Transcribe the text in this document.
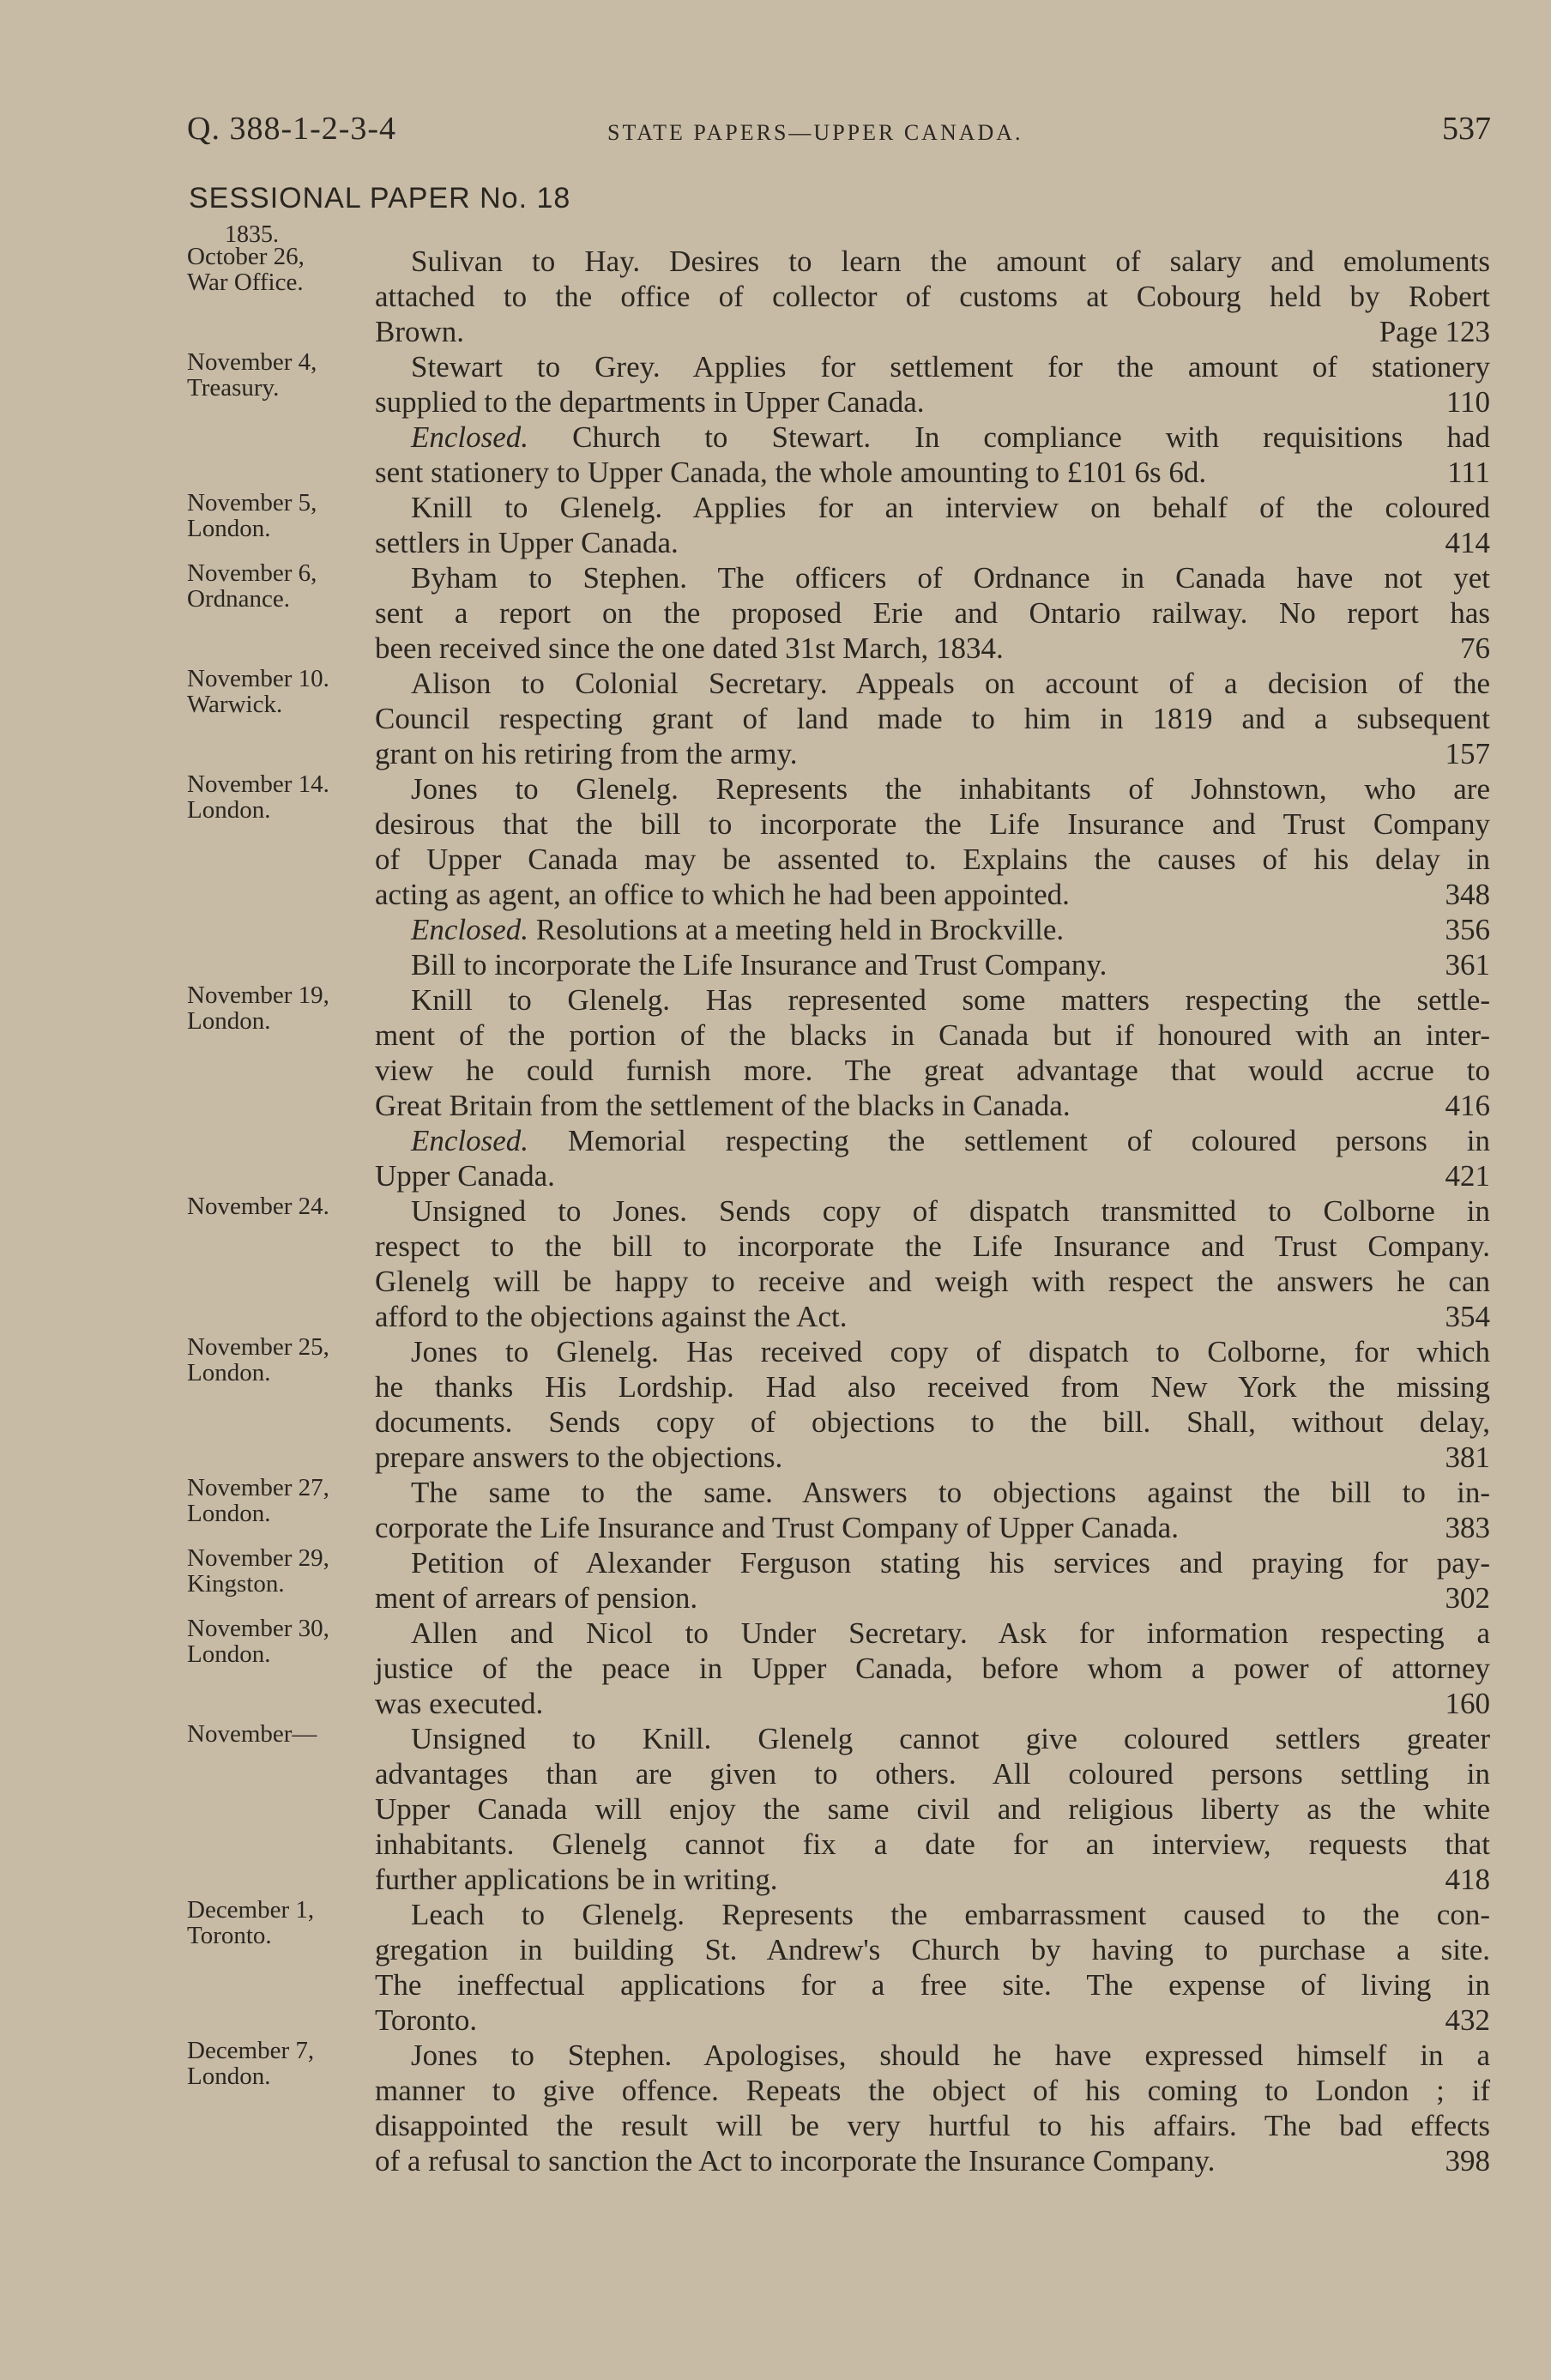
Q. 388-1-2-3-4	STATE PAPERS—UPPER CANADA.	537
SESSIONAL PAPER No. 18
1835.
October 26,
War Office.
Sulivan to Hay. Desires to learn the amount of salary and emoluments
attached to the office of collector of customs at Cobourg held by Robert
Brown.	Page 123
November 4,
Treasury.
Stewart to Grey. Applies for settlement for the amount of stationery
supplied to the departments in Upper Canada.	110
Enclosed. Church to Stewart. In compliance with requisitions had
sent stationery to Upper Canada, the whole amounting to £101 6s 6d.	111
November 5,
London.
Knill to Glenelg. Applies for an interview on behalf of the coloured
settlers in Upper Canada.	414
November 6,
Ordnance.
Byham to Stephen. The officers of Ordnance in Canada have not yet
sent a report on the proposed Erie and Ontario railway. No report has
been received since the one dated 31st March, 1834.	76
November 10.
Warwick.
Alison to Colonial Secretary. Appeals on account of a decision of the
Council respecting grant of land made to him in 1819 and a subsequent
grant on his retiring from the army.	157
November 14.
London.
Jones to Glenelg. Represents the inhabitants of Johnstown, who are
desirous that the bill to incorporate the Life Insurance and Trust Company
of Upper Canada may be assented to. Explains the causes of his delay in
acting as agent, an office to which he had been appointed.	348
Enclosed. Resolutions at a meeting held in Brockville.	356
Bill to incorporate the Life Insurance and Trust Company.	361
November 19,
London.
Knill to Glenelg. Has represented some matters respecting the settle-
ment of the portion of the blacks in Canada but if honoured with an inter-
view he could furnish more. The great advantage that would accrue to
Great Britain from the settlement of the blacks in Canada.	416
Enclosed. Memorial respecting the settlement of coloured persons in
Upper Canada.	421
November 24.	Unsigned to Jones. Sends copy of dispatch transmitted to Colborne in
respect to the bill to incorporate the Life Insurance and Trust Company.
Glenelg will be happy to receive and weigh with respect the answers he can
afford to the objections against the Act.	354
November 25,
London.
Jones to Glenelg. Has received copy of dispatch to Colborne, for which
he thanks His Lordship. Had also received from New York the missing
documents. Sends copy of objections to the bill. Shall, without delay,
prepare answers to the objections.	381
November 27,
London.
The same to the same. Answers to objections against the bill to in-
corporate the Life Insurance and Trust Company of Upper Canada.	383
November 29,
Kingston.
Petition of Alexander Ferguson stating his services and praying for pay-
ment of arrears of pension.	302
November 30,
London.
Allen and Nicol to Under Secretary. Ask for information respecting a
justice of the peace in Upper Canada, before whom a power of attorney
was executed.	160
November—	Unsigned to Knill. Glenelg cannot give coloured settlers greater
advantages than are given to others. All coloured persons settling in
Upper Canada will enjoy the same civil and religious liberty as the white
inhabitants. Glenelg cannot fix a date for an interview, requests that
further applications be in writing.	418
December 1,
Toronto.
Leach to Glenelg. Represents the embarrassment caused to the con-
gregation in building St. Andrew's Church by having to purchase a site.
The ineffectual applications for a free site. The expense of living in
Toronto.	432
December 7,
London.
Jones to Stephen. Apologises, should he have expressed himself in a
manner to give offence. Repeats the object of his coming to London ; if
disappointed the result will be very hurtful to his affairs. The bad effects
of a refusal to sanction the Act to incorporate the Insurance Company.	398
